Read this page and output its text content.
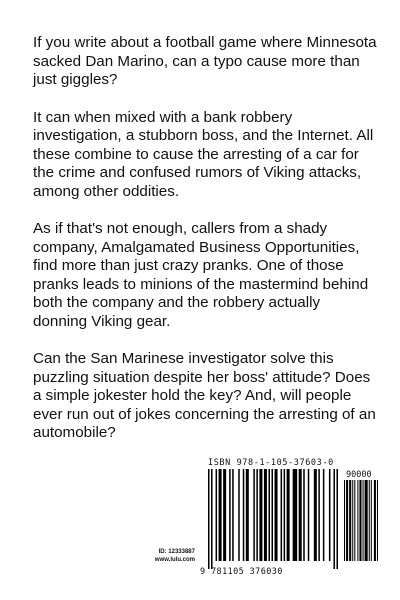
If you write about a football game where Minnesota sacked Dan Marino, can a typo cause more than just giggles?

It can when mixed with a bank robbery investigation, a stubborn boss, and the Internet. All these combine to cause the arresting of a car for the crime and confused rumors of Viking attacks, among other oddities.

As if that's not enough, callers from a shady company, Amalgamated Business Opportunities, find more than just crazy pranks. One of those pranks leads to minions of the mastermind behind both the company and the robbery actually donning Viking gear.

Can the San Marinese investigator solve this puzzling situation despite her boss' attitude? Does a simple jokester hold the key? And, will people ever run out of jokes concerning the arresting of an automobile?

ID: 12333887
www.lulu.com
ISBN 978-1-105-37603-0
90000
9 781105 376030
